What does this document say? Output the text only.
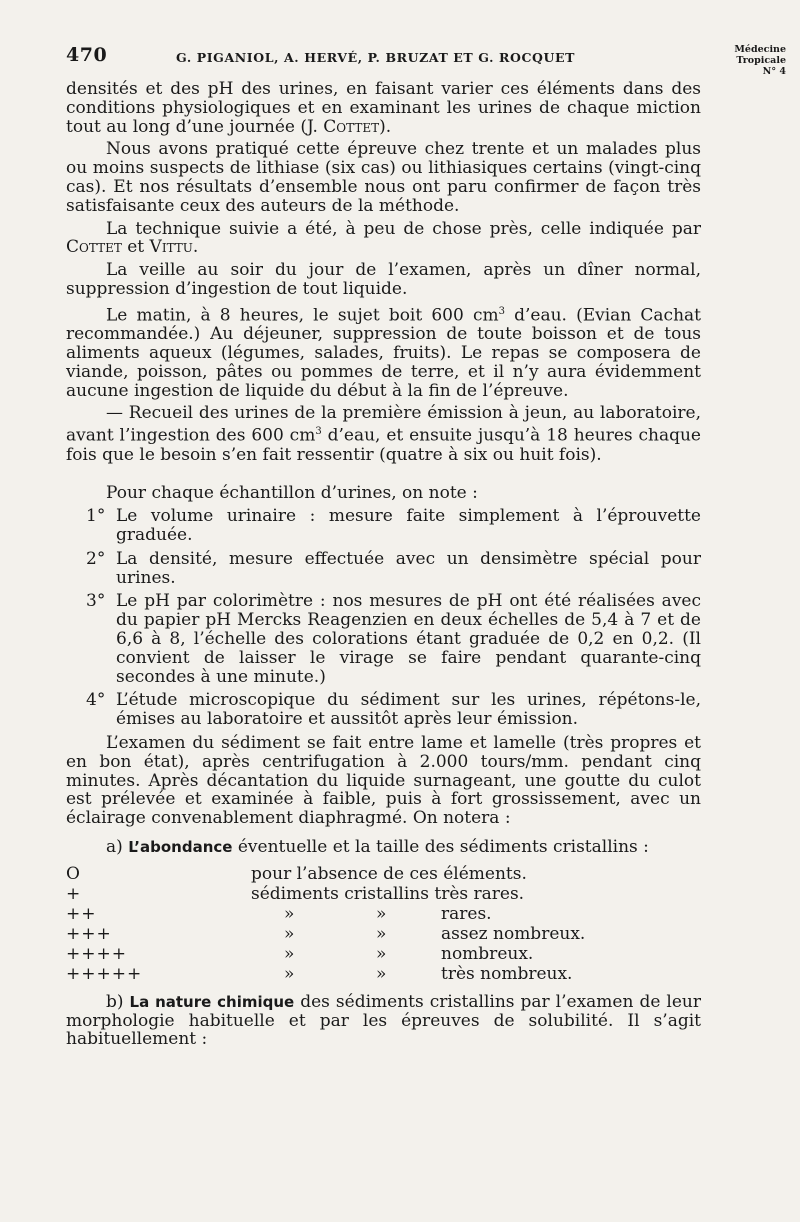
470	G. PIGANIOL, A. HERVÉ, P. BRUZAT ET G. ROCQUET
Médecine
Tropicale
N° 4

densités et des pH des urines, en faisant varier ces éléments dans des conditions physiologiques et en examinant les urines de chaque miction tout au long d’une journée (J. Cottet).

Nous avons pratiqué cette épreuve chez trente et un malades plus ou moins suspects de lithiase (six cas) ou lithiasiques certains (vingt-cinq cas). Et nos résultats d’ensemble nous ont paru confirmer de façon très satisfaisante ceux des auteurs de la méthode.

La technique suivie a été, à peu de chose près, celle indiquée par Cottet et Vittu.

La veille au soir du jour de l’examen, après un dîner normal, suppression d’ingestion de tout liquide.

Le matin, à 8 heures, le sujet boit 600 $cm^3$ d’eau. (Evian Cachat recommandée.) Au déjeuner, suppression de toute boisson et de tous aliments aqueux (légumes, salades, fruits). Le repas se composera de viande, poisson, pâtes ou pommes de terre, et il n’y aura évidemment aucune ingestion de liquide du début à la fin de l’épreuve.

— Recueil des urines de la première émission à jeun, au laboratoire, avant l’ingestion des 600 $cm^3$ d’eau, et ensuite jusqu’à 18 heures chaque fois que le besoin s’en fait ressentir (quatre à six ou huit fois).

Pour chaque échantillon d’urines, on note :

1° Le volume urinaire : mesure faite simplement à l’éprouvette graduée.
2° La densité, mesure effectuée avec un densimètre spécial pour urines.
3° Le pH par colorimètre : nos mesures de pH ont été réalisées avec du papier pH Mercks Reagenzien en deux échelles de 5,4 à 7 et de 6,6 à 8, l’échelle des colorations étant graduée de 0,2 en 0,2. (Il convient de laisser le virage se faire pendant quarante-cinq secondes à une minute.)
4° L’étude microscopique du sédiment sur les urines, répétons-le, émises au laboratoire et aussitôt après leur émission.

L’examen du sédiment se fait entre lame et lamelle (très propres et en bon état), après centrifugation à 2.000 tours/mm. pendant cinq minutes. Après décantation du liquide surnageant, une goutte du culot est prélevée et examinée à faible, puis à fort grossissement, avec un éclairage convenablement diaphragmé. On notera :

a) L’abondance éventuelle et la taille des sédiments cristallins :

O	pour l’absence de ces éléments.
+	sédiments cristallins très rares.
++	»	»	rares.
+++	»	»	assez nombreux.
++++	»	»	nombreux.
+++++	»	»	très nombreux.

b) La nature chimique des sédiments cristallins par l’examen de leur morphologie habituelle et par les épreuves de solubilité. Il s’agit habituellement :
